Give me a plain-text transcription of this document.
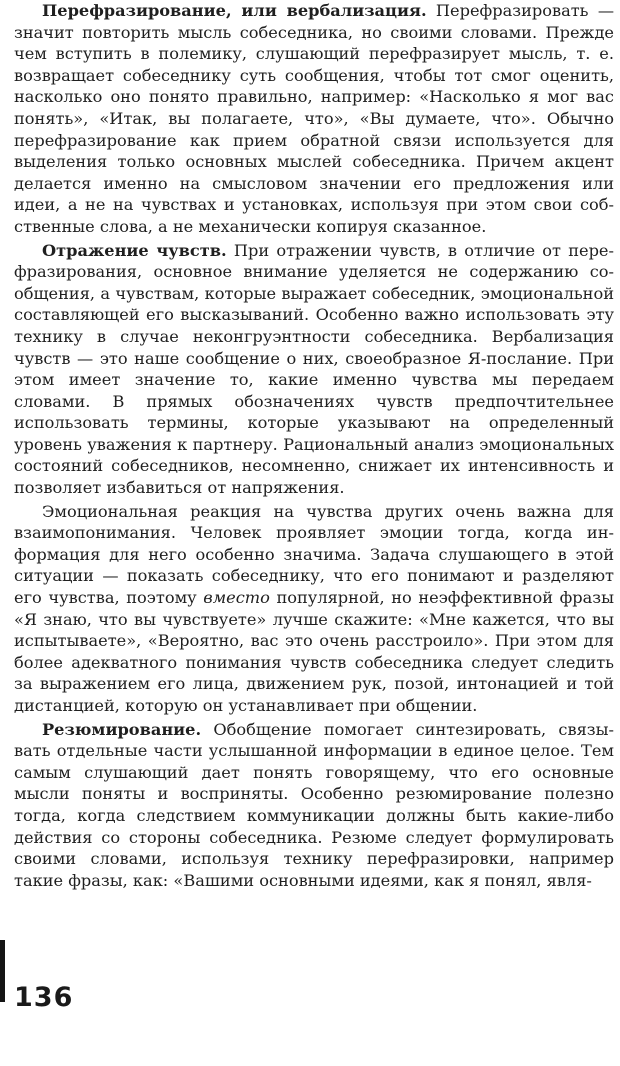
Перефразирование, или вербализация. Перефразировать — значит повторить мысль собеседника, но своими словами. Прежде чем вступить в полемику, слушающий перефразирует мысль, т. е. возвращает собеседнику суть сообщения, чтобы тот смог оценить, насколько оно понято правильно, например: «Насколько я мог вас понять», «Итак, вы полагаете, что», «Вы думаете, что». Обычно перефразирование как прием обратной связи используется для выделения только основных мыслей собеседника. Причем акцент делается именно на смысловом значении его предложения или идеи, а не на чувствах и установках, используя при этом свои собственные слова, а не механически копируя сказанное.

Отражение чувств. При отражении чувств, в отличие от перефразирования, основное внимание уделяется не содержанию сообщения, а чувствам, которые выражает собеседник, эмоциональной составляющей его высказываний. Особенно важно использовать эту технику в случае неконгруэнтности собеседника. Вербализация чувств — это наше сообщение о них, своеобразное Я-послание. При этом имеет значение то, какие именно чувства мы передаем словами. В прямых обозначениях чувств предпочтительнее использовать термины, которые указывают на определенный уровень уважения к партнеру. Рациональный анализ эмоциональных состояний собеседников, несомненно, снижает их интенсивность и позволяет избавиться от напряжения.

Эмоциональная реакция на чувства других очень важна для взаимопонимания. Человек проявляет эмоции тогда, когда информация для него особенно значима. Задача слушающего в этой ситуации — показать собеседнику, что его понимают и разделяют его чувства, поэтому вместо популярной, но неэффективной фразы «Я знаю, что вы чувствуете» лучше скажите: «Мне кажется, что вы испытываете», «Вероятно, вас это очень расстроило». При этом для более адекватного понимания чувств собеседника следует следить за выражением его лица, движением рук, позой, интонацией и той дистанцией, которую он устанавливает при общении.

Резюмирование. Обобщение помогает синтезировать, связывать отдельные части услышанной информации в единое целое. Тем самым слушающий дает понять говорящему, что его основные мысли поняты и восприняты. Особенно резюмирование полезно тогда, когда следствием коммуникации должны быть какие-либо действия со стороны собеседника. Резюме следует формулировать своими словами, используя технику перефразировки, например такие фразы, как: «Вашими основными идеями, как я понял, явля-

136
